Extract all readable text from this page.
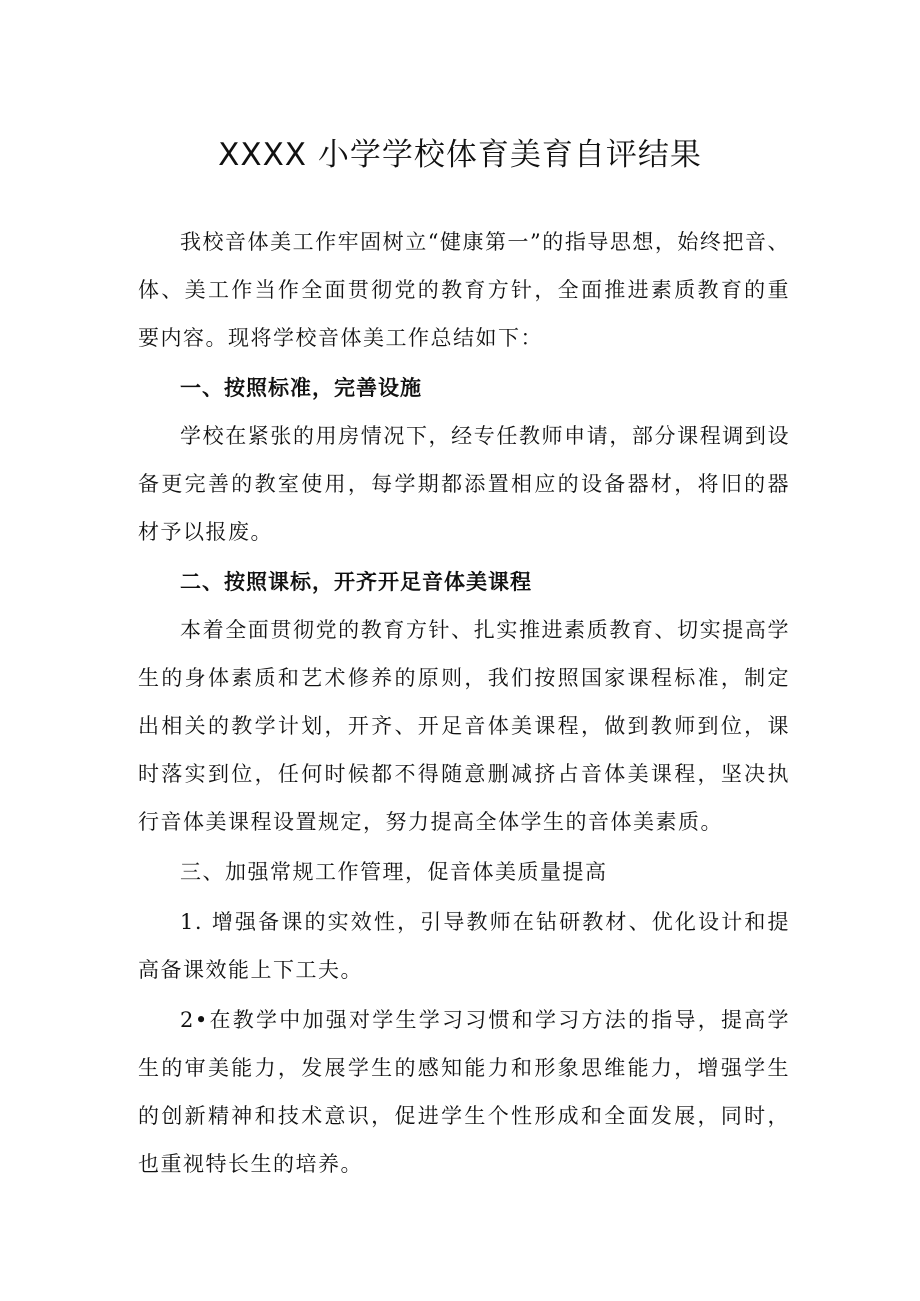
XXXX 小学学校体育美育自评结果

我校音体美工作牢固树立“健康第一”的指导思想，始终把音、体、美工作当作全面贯彻党的教育方针，全面推进素质教育的重要内容。现将学校音体美工作总结如下：

一、按照标准，完善设施

学校在紧张的用房情况下，经专任教师申请，部分课程调到设备更完善的教室使用，每学期都添置相应的设备器材，将旧的器材予以报废。

二、按照课标，开齐开足音体美课程

本着全面贯彻党的教育方针、扎实推进素质教育、切实提高学生的身体素质和艺术修养的原则，我们按照国家课程标准，制定出相关的教学计划，开齐、开足音体美课程，做到教师到位，课时落实到位，任何时候都不得随意删减挤占音体美课程，坚决执行音体美课程设置规定，努力提高全体学生的音体美素质。

三、加强常规工作管理，促音体美质量提高

1. 增强备课的实效性，引导教师在钻研教材、优化设计和提高备课效能上下工夫。

2•在教学中加强对学生学习习惯和学习方法的指导，提高学生的审美能力，发展学生的感知能力和形象思维能力，增强学生的创新精神和技术意识，促进学生个性形成和全面发展，同时，也重视特长生的培养。
